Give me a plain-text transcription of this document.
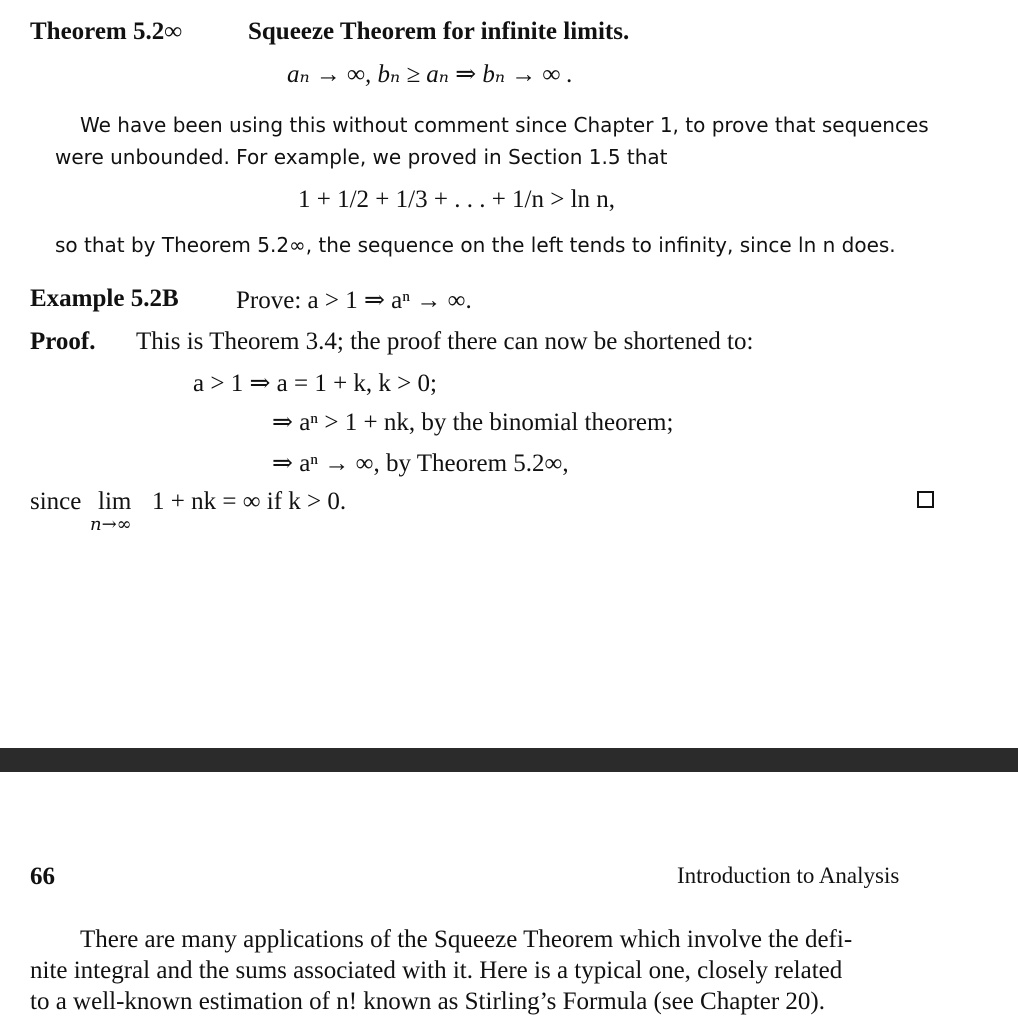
Theorem 5.2∞	Squeeze Theorem for infinite limits.
aₙ → ∞, bₙ ≥ aₙ ⇒ bₙ → ∞ .
We have been using this without comment since Chapter 1, to prove that sequences
were unbounded. For example, we proved in Section 1.5 that
1 + 1/2 + 1/3 + . . . + 1/n > ln n,
so that by Theorem 5.2∞, the sequence on the left tends to infinity, since ln n does.
Example 5.2B Prove: a > 1 ⇒ aⁿ → ∞.
Proof. This is Theorem 3.4; the proof there can now be shortened to:
a > 1 ⇒ a = 1 + k, k > 0;
⇒ aⁿ > 1 + nk, by the binomial theorem;
⇒ aⁿ → ∞, by Theorem 5.2∞,
since lim
n→∞
1 + nk = ∞ if k > 0.
66	Introduction to Analysis
There are many applications of the Squeeze Theorem which involve the defi-
nite integral and the sums associated with it. Here is a typical one, closely related
to a well-known estimation of n! known as Stirling’s Formula (see Chapter 20).
